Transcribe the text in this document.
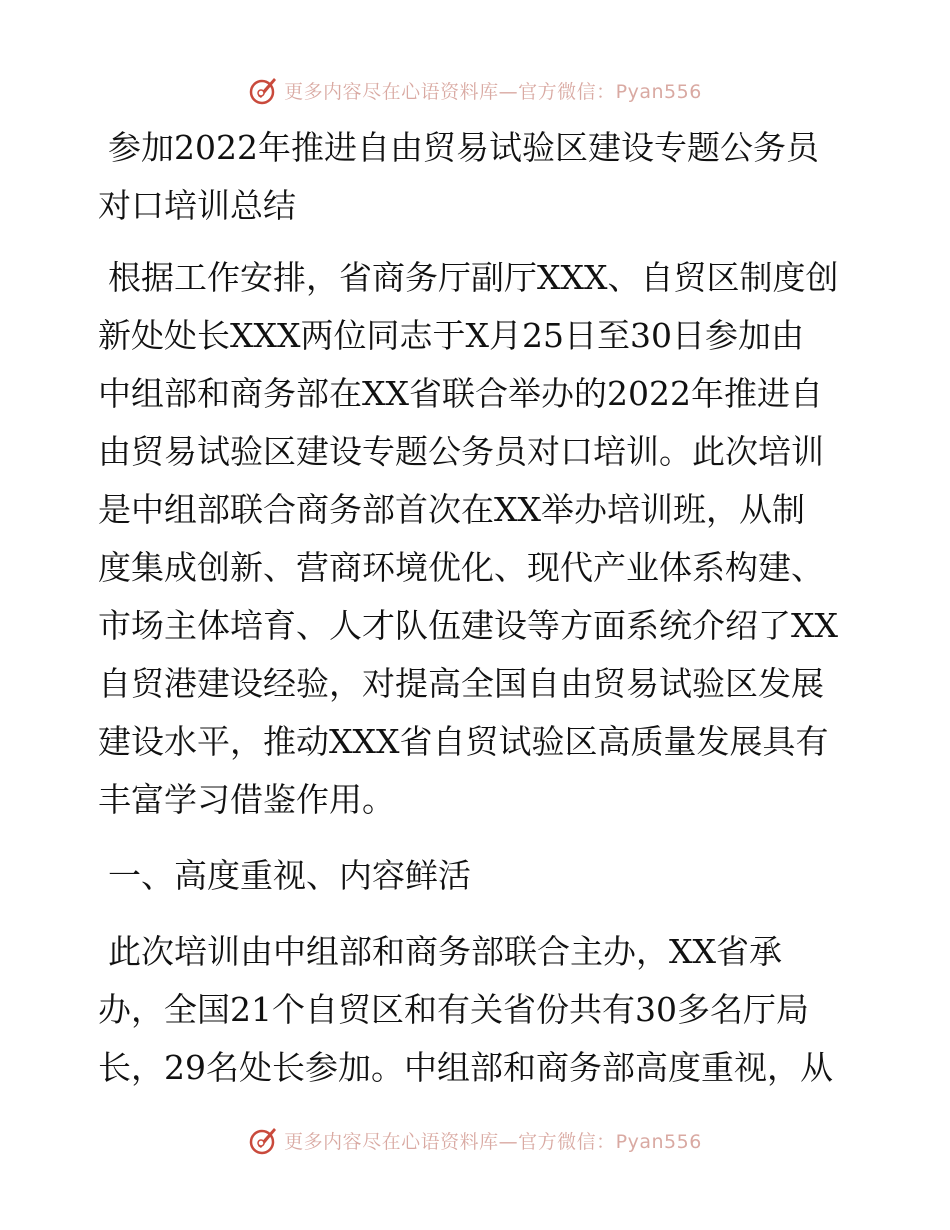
更多内容尽在心语资料库—官方微信：Pyan556
参加2022年推进自由贸易试验区建设专题公务员
对口培训总结
根据工作安排，省商务厅副厅XXX、自贸区制度创
新处处长XXX两位同志于X月25日至30日参加由
中组部和商务部在XX省联合举办的2022年推进自
由贸易试验区建设专题公务员对口培训。此次培训
是中组部联合商务部首次在XX举办培训班，从制
度集成创新、营商环境优化、现代产业体系构建、
市场主体培育、人才队伍建设等方面系统介绍了XX
自贸港建设经验，对提高全国自由贸易试验区发展
建设水平，推动XXX省自贸试验区高质量发展具有
丰富学习借鉴作用。
一、高度重视、内容鲜活
此次培训由中组部和商务部联合主办，XX省承
办，全国21个自贸区和有关省份共有30多名厅局
长，29名处长参加。中组部和商务部高度重视，从
更多内容尽在心语资料库—官方微信：Pyan556
